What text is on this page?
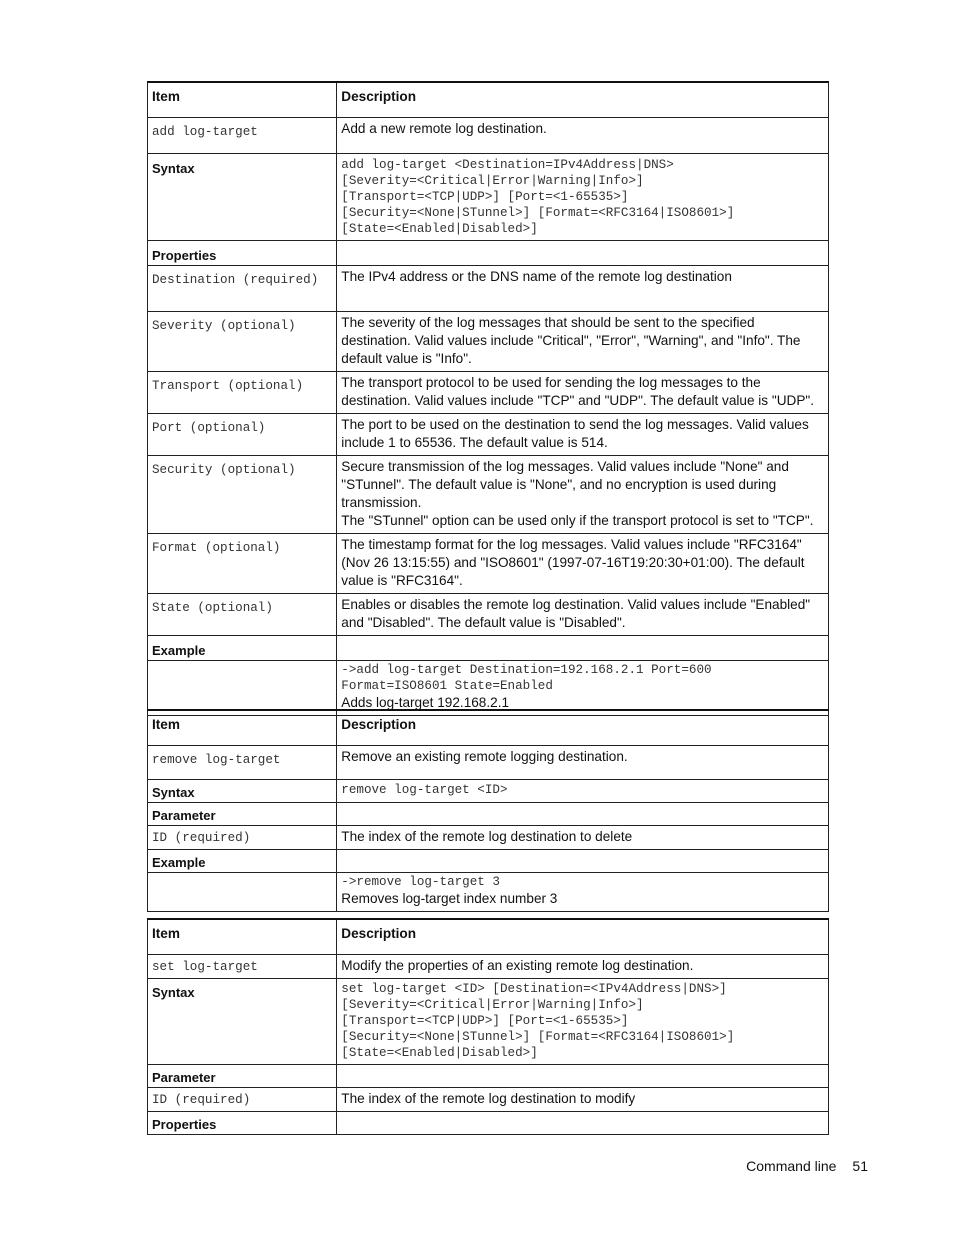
Item	Description
add log-target	Add a new remote log destination.
Syntax	add log-target <Destination=IPv4Address|DNS>
[Severity=<Critical|Error|Warning|Info>]
[Transport=<TCP|UDP>] [Port=<1-65535>]
[Security=<None|STunnel>] [Format=<RFC3164|ISO8601>]
[State=<Enabled|Disabled>]

Properties	
Destination (required)	The IPv4 address or the DNS name of the remote log destination

Severity (optional)	The severity of the log messages that should be sent to the specified destination. Valid values include "Critical", "Error", "Warning", and "Info". The default value is "Info".

Transport (optional)	The transport protocol to be used for sending the log messages to the destination. Valid values include "TCP" and "UDP". The default value is "UDP".

Port (optional)	The port to be used on the destination to send the log messages. Valid values include 1 to 65536. The default value is 514.

Security (optional)	Secure transmission of the log messages. Valid values include "None" and "STunnel". The default value is "None", and no encryption is used during transmission.
The "STunnel" option can be used only if the transport protocol is set to "TCP".

Format (optional)	The timestamp format for the log messages. Valid values include "RFC3164" (Nov 26 13:15:55) and "ISO8601" (1997-07-16T19:20:30+01:00). The default value is "RFC3164".

State (optional)	Enables or disables the remote log destination. Valid values include "Enabled" and "Disabled". The default value is "Disabled".

Example	

	->add log-target Destination=192.168.2.1 Port=600
Format=ISO8601 State=Enabled
Adds log-target 192.168.2.1
Item	Description
remove log-target	Remove an existing remote logging destination.
Syntax	remove log-target <ID>

Parameter	
ID (required)	The index of the remote log destination to delete
Example	

	->remove log-target 3
Removes log-target index number 3
Item	Description
set log-target	Modify the properties of an existing remote log destination.
Syntax	set log-target <ID> [Destination=<IPv4Address|DNS>]
[Severity=<Critical|Error|Warning|Info>]
[Transport=<TCP|UDP>] [Port=<1-65535>]
[Security=<None|STunnel>] [Format=<RFC3164|ISO8601>]
[State=<Enabled|Disabled>]

Parameter	
ID (required)	The index of the remote log destination to modify
Properties	
Command line 51
